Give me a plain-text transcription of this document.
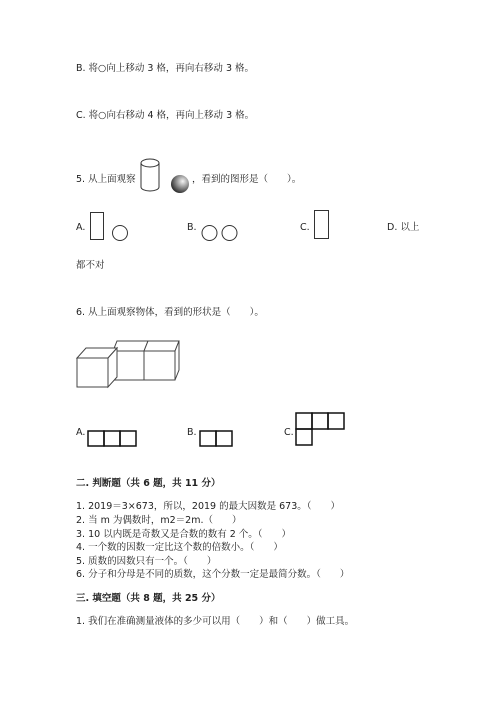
B. 将○向上移动 3 格，再向右移动 3 格。
C. 将○向右移动 4 格，再向上移动 3 格。
5. 从上面观察	，看到的图形是（　　）。
A.	B.	C.	D. 以上
都不对
6. 从上面观察物体，看到的形状是（　　）。
A.	B.	C.
二. 判断题（共 6 题，共 11 分）
1. 2019＝3×673，所以，2019 的最大因数是 673。（　　）
2. 当 m 为偶数时，m2＝2m.（　　）
3. 10 以内既是奇数又是合数的数有 2 个。（　　）
4. 一个数的因数一定比这个数的倍数小。（　　）
5. 质数的因数只有一个。（　　）
6. 分子和分母是不同的质数，这个分数一定是最简分数。（　　）
三. 填空题（共 8 题，共 25 分）
1. 我们在准确测量液体的多少可以用（　　）和（　　）做工具。
